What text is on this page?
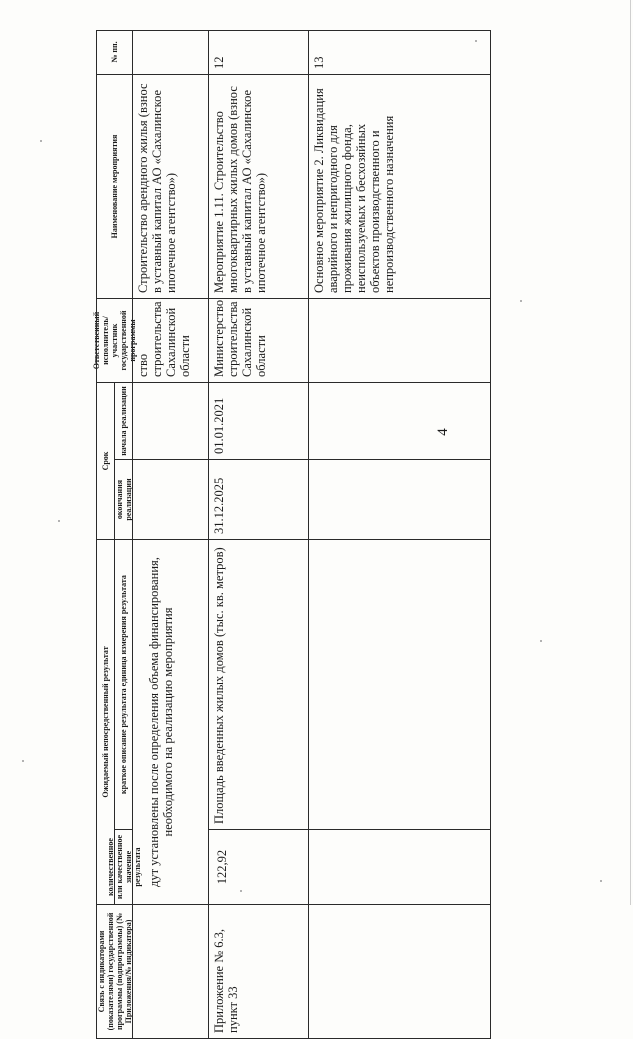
4
Связь с индикаторами (показателями) государственной программы (подпрограммы) (№ Приложения/№ индикатора)
Ожидаемый непосредственный результат
количественное или качественное значение результата
краткое описание результата единица измерения результата
Срок
окончания реализации
начала реализации
Ответственный исполнитель/участник государственной программы
Наименование мероприятия
№ пп.
дут установлены после определения объема финансирования, необходимого на реализацию мероприятия
ство строительства Сахалинской области
Строительство арендного жилья (взнос в уставный капитал АО «Сахалинское ипотечное агентство»)
Приложение № 6.3, пункт 33
122,92
Площадь введенных жилых домов (тыс. кв. метров)
31.12.2025
01.01.2021
Министерство строительства Сахалинской области
Мероприятие 1.11. Строительство многоквартирных жилых домов (взнос в уставный капитал АО «Сахалинское ипотечное агентство»)
12
Основное мероприятие 2. Ликвидация аварийного и непригодного для проживания жилищного фонда, неиспользуемых и бесхозяйных объектов производственного и непроизводственного назначения
13
